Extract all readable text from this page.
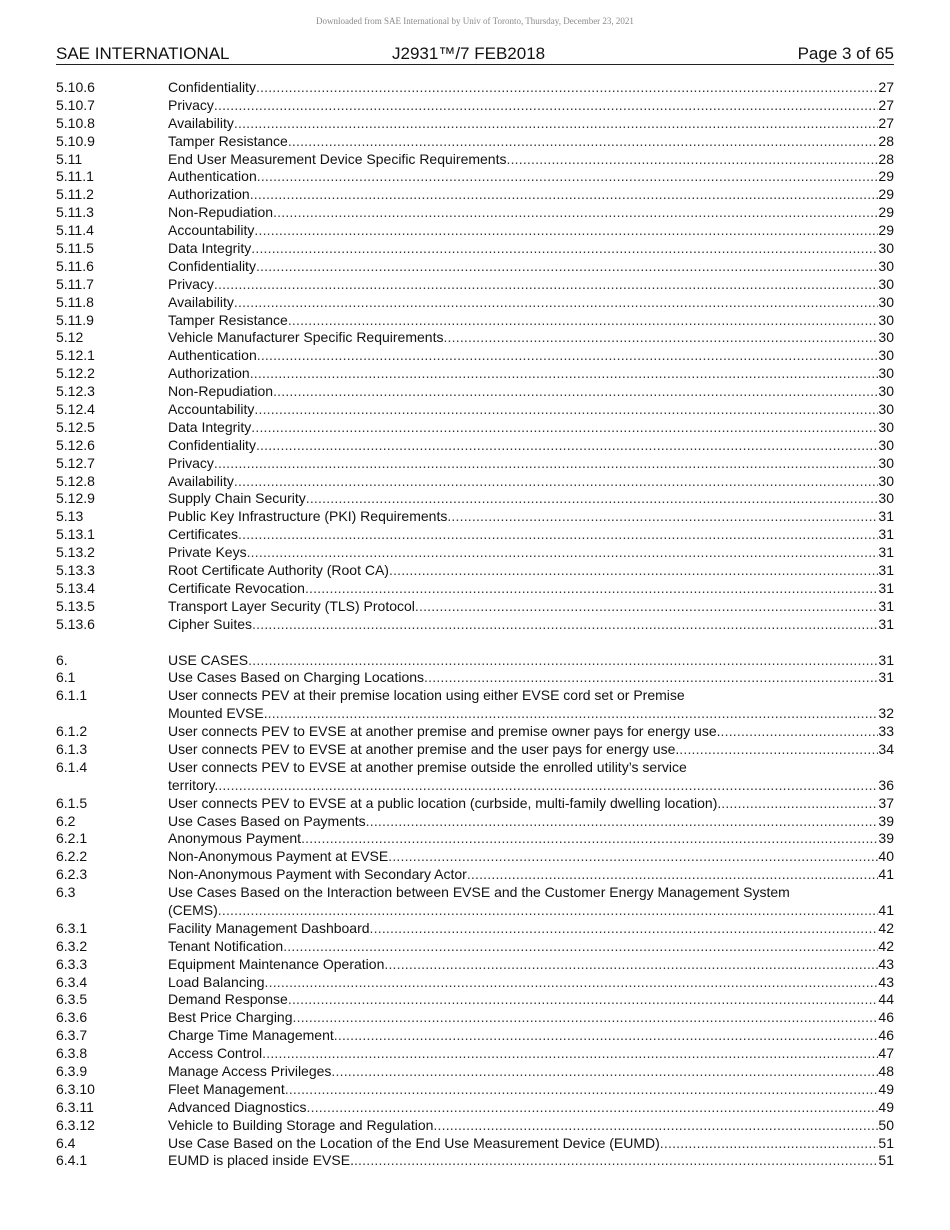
Downloaded from SAE International by Univ of Toronto, Thursday, December 23, 2021
SAE INTERNATIONAL	J2931™/7 FEB2018	Page 3 of 65
5.10.6	Confidentiality .....	27
5.10.7	Privacy .....	27
5.10.8	Availability .....	27
5.10.9	Tamper Resistance .....	28
5.11	End User Measurement Device Specific Requirements .....	28
5.11.1	Authentication .....	29
5.11.2	Authorization .....	29
5.11.3	Non-Repudiation .....	29
5.11.4	Accountability .....	29
5.11.5	Data Integrity .....	30
5.11.6	Confidentiality .....	30
5.11.7	Privacy .....	30
5.11.8	Availability .....	30
5.11.9	Tamper Resistance .....	30
5.12	Vehicle Manufacturer Specific Requirements .....	30
5.12.1	Authentication .....	30
5.12.2	Authorization .....	30
5.12.3	Non-Repudiation .....	30
5.12.4	Accountability .....	30
5.12.5	Data Integrity .....	30
5.12.6	Confidentiality .....	30
5.12.7	Privacy .....	30
5.12.8	Availability .....	30
5.12.9	Supply Chain Security .....	30
5.13	Public Key Infrastructure (PKI) Requirements .....	31
5.13.1	Certificates .....	31
5.13.2	Private Keys .....	31
5.13.3	Root Certificate Authority (Root CA) .....	31
5.13.4	Certificate Revocation .....	31
5.13.5	Transport Layer Security (TLS) Protocol .....	31
5.13.6	Cipher Suites .....	31
6.	USE CASES .....	31
6.1	Use Cases Based on Charging Locations .....	31
6.1.1	User connects PEV at their premise location using either EVSE cord set or Premise
Mounted EVSE. .....	32
6.1.2	User connects PEV to EVSE at another premise and premise owner pays for energy use. .....	33
6.1.3	User connects PEV to EVSE at another premise and the user pays for energy use. .....	34
6.1.4	User connects PEV to EVSE at another premise outside the enrolled utility’s service
territory. .....	36
6.1.5	User connects PEV to EVSE at a public location (curbside, multi-family dwelling location). .....	37
6.2	Use Cases Based on Payments .....	39
6.2.1	Anonymous Payment .....	39
6.2.2	Non-Anonymous Payment at EVSE .....	40
6.2.3	Non-Anonymous Payment with Secondary Actor .....	41
6.3	Use Cases Based on the Interaction between EVSE and the Customer Energy Management System
(CEMS) .....	41
6.3.1	Facility Management Dashboard .....	42
6.3.2	Tenant Notification .....	42
6.3.3	Equipment Maintenance Operation .....	43
6.3.4	Load Balancing .....	43
6.3.5	Demand Response .....	44
6.3.6	Best Price Charging .....	46
6.3.7	Charge Time Management .....	46
6.3.8	Access Control .....	47
6.3.9	Manage Access Privileges .....	48
6.3.10	Fleet Management .....	49
6.3.11	Advanced Diagnostics .....	49
6.3.12	Vehicle to Building Storage and Regulation .....	50
6.4	Use Case Based on the Location of the End Use Measurement Device (EUMD) .....	51
6.4.1	EUMD is placed inside EVSE. .....	51
